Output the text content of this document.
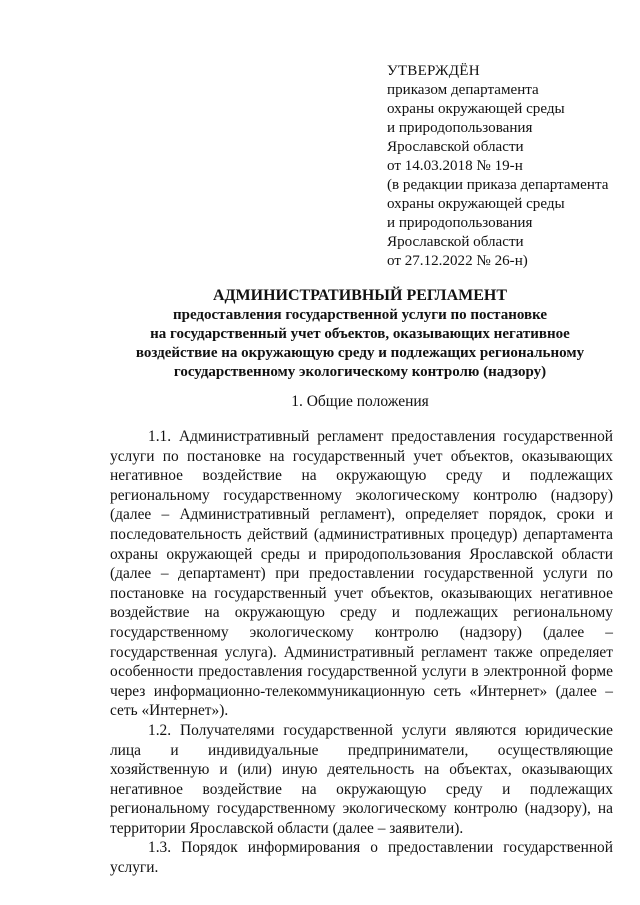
УТВЕРЖДЁН
приказом департамента
охраны окружающей среды
и природопользования
Ярославской области
от 14.03.2018 № 19-н
(в редакции приказа департамента
охраны окружающей среды
и природопользования
Ярославской области
от 27.12.2022 № 26-н)
АДМИНИСТРАТИВНЫЙ РЕГЛАМЕНТ
предоставления государственной услуги по постановке
на государственный учет объектов, оказывающих негативное
воздействие на окружающую среду и подлежащих региональному
государственному экологическому контролю (надзору)
1. Общие положения

1.1. Административный регламент предоставления государственной услуги по постановке на государственный учет объектов, оказывающих негативное воздействие на окружающую среду и подлежащих региональному государственному экологическому контролю (надзору) (далее – Административный регламент), определяет порядок, сроки и последовательность действий (административных процедур) департамента охраны окружающей среды и природопользования Ярославской области (далее – департамент) при предоставлении государственной услуги по постановке на государственный учет объектов, оказывающих негативное воздействие на окружающую среду и подлежащих региональному государственному экологическому контролю (надзору) (далее – государственная услуга). Административный регламент также определяет особенности предоставления государственной услуги в электронной форме через информационно-телекоммуникационную сеть «Интернет» (далее – сеть «Интернет»).

1.2. Получателями государственной услуги являются юридические лица и индивидуальные предприниматели, осуществляющие хозяйственную и (или) иную деятельность на объектах, оказывающих негативное воздействие на окружающую среду и подлежащих региональному государственному экологическому контролю (надзору), на территории Ярославской области (далее – заявители).

1.3. Порядок информирования о предоставлении государственной услуги.
